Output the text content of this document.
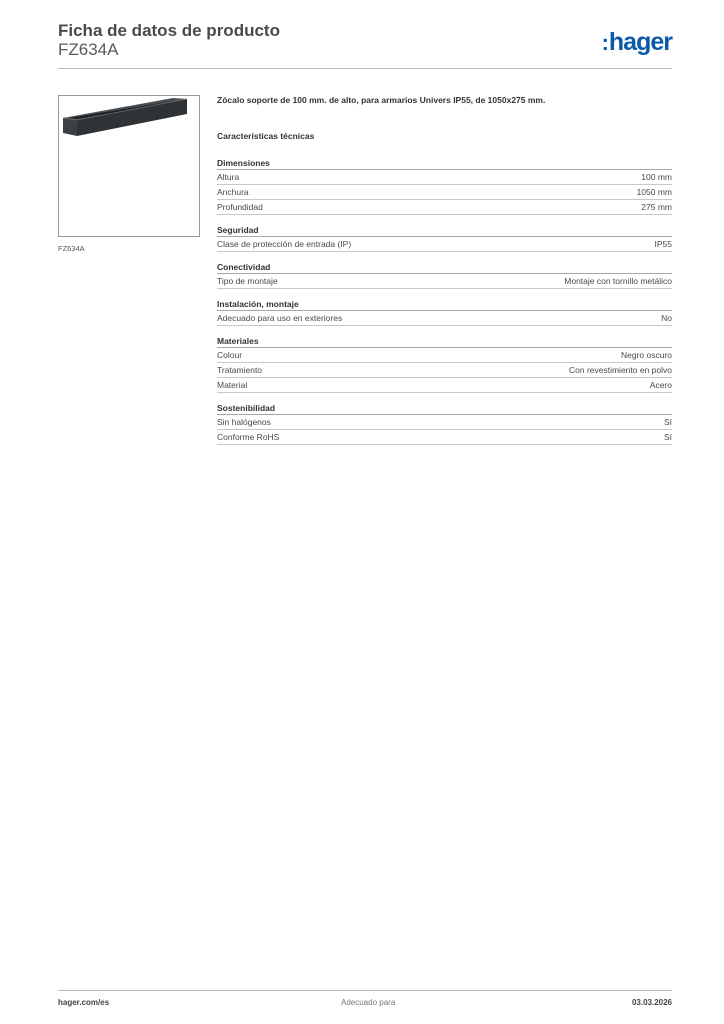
Ficha de datos de producto
FZ634A	:hager
FZ634A

Zócalo soporte de 100 mm. de alto, para armarios Univers IP55, de 1050x275 mm.

Características técnicas
Dimensiones
Altura	100 mm
Anchura	1050 mm
Profundidad	275 mm
Seguridad
Clase de protección de entrada (IP)	IP55
Conectividad
Tipo de montaje	Montaje con tornillo metálico
Instalación, montaje
Adecuado para uso en exteriores	No
Materiales
Colour	Negro oscuro
Tratamiento	Con revestimiento en polvo
Material	Acero
Sostenibilidad
Sin halógenos	Sí
Conforme RoHS	Sí
hager.com/es	Adecuado para	03.03.2026
